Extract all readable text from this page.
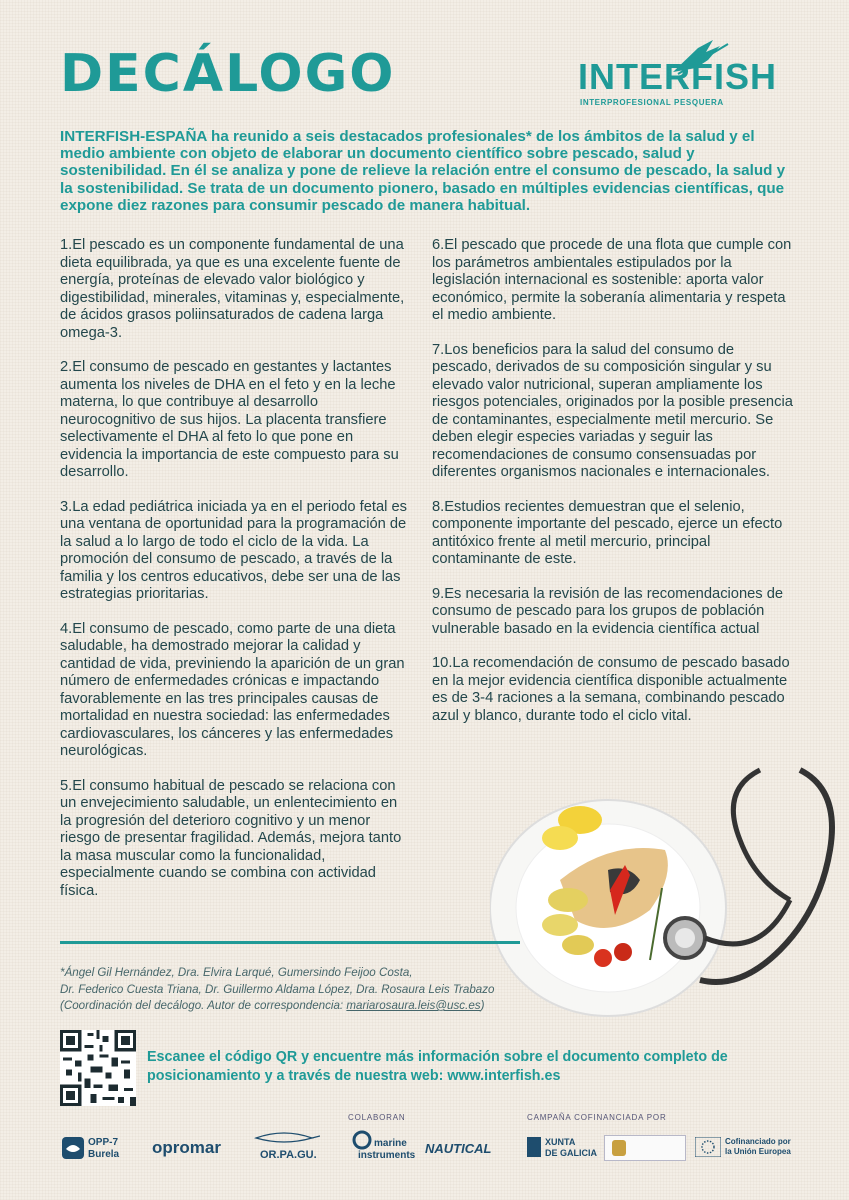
DECÁLOGO	INTERFISH
INTERPROFESIONAL PESQUERA
INTERFISH-ESPAÑA ha reunido a seis destacados profesionales* de los ámbitos de la salud y el medio ambiente con objeto de elaborar un documento científico sobre pescado, salud y sostenibilidad. En él se analiza y pone de relieve la relación entre el consumo de pescado, la salud y la sostenibilidad. Se trata de un documento pionero, basado en múltiples evidencias científicas, que expone diez razones para consumir pescado de manera habitual.

1.El pescado es un componente fundamental de una dieta equilibrada, ya que es una excelente fuente de energía, proteínas de elevado valor biológico y digestibilidad, minerales, vitaminas y, especialmente, de ácidos grasos poliinsaturados de cadena larga omega-3.

2.El consumo de pescado en gestantes y lactantes aumenta los niveles de DHA en el feto y en la leche materna, lo que contribuye al desarrollo neurocognitivo de sus hijos. La placenta transfiere selectivamente el DHA al feto lo que pone en evidencia la importancia de este compuesto para su desarrollo.

3.La edad pediátrica iniciada ya en el periodo fetal es una ventana de oportunidad para la programación de la salud a lo largo de todo el ciclo de la vida. La promoción del consumo de pescado, a través de la familia y los centros educativos, debe ser una de las estrategias prioritarias.

4.El consumo de pescado, como parte de una dieta saludable, ha demostrado mejorar la calidad y cantidad de vida, previniendo la aparición de un gran número de enfermedades crónicas e impactando favorablemente en las tres principales causas de mortalidad en nuestra sociedad: las enfermedades cardiovasculares, los cánceres y las enfermedades neurológicas.

5.El consumo habitual de pescado se relaciona con un envejecimiento saludable, un enlentecimiento en la progresión del deterioro cognitivo y un menor riesgo de presentar fragilidad. Además, mejora tanto la masa muscular como la funcionalidad, especialmente cuando se combina con actividad física.

6.El pescado que procede de una flota que cumple con los parámetros ambientales estipulados por la legislación internacional es sostenible: aporta valor económico, permite la soberanía alimentaria y respeta el medio ambiente.

7.Los beneficios para la salud del consumo de pescado, derivados de su composición singular y su elevado valor nutricional, superan ampliamente los riesgos potenciales, originados por la posible presencia de contaminantes, especialmente metil mercurio. Se deben elegir especies variadas y seguir las recomendaciones de consumo consensuadas por diferentes organismos nacionales e internacionales.

8.Estudios recientes demuestran que el selenio, componente importante del pescado, ejerce un efecto antitóxico frente al metil mercurio, principal contaminante de este.

9.Es necesaria la revisión de las recomendaciones de consumo de pescado para los grupos de población vulnerable basado en la evidencia científica actual

10.La recomendación de consumo de pescado basado en la mejor evidencia científica disponible actualmente es de 3-4 raciones a la semana, combinando pescado azul y blanco, durante todo el ciclo vital.

*Ángel Gil Hernández, Dra. Elvira Larqué, Gumersindo Feijoo Costa,
Dr. Federico Cuesta Triana, Dr. Guillermo Aldama López, Dra. Rosaura Leis Trabazo
(Coordinación del decálogo. Autor de correspondencia: mariarosaura.leis@usc.es)
Escanee el código QR y encuentre más información sobre el documento completo de posicionamiento y a través de nuestra web: www.interfish.es
COLABORAN	CAMPAÑA COFINANCIADA POR
OPP-7
Burela opromar	OR.PA.GU.
marine
instruments NAUTICAL	XUNTA
DE GALICIA
Cofinanciado por
la Unión Europea
